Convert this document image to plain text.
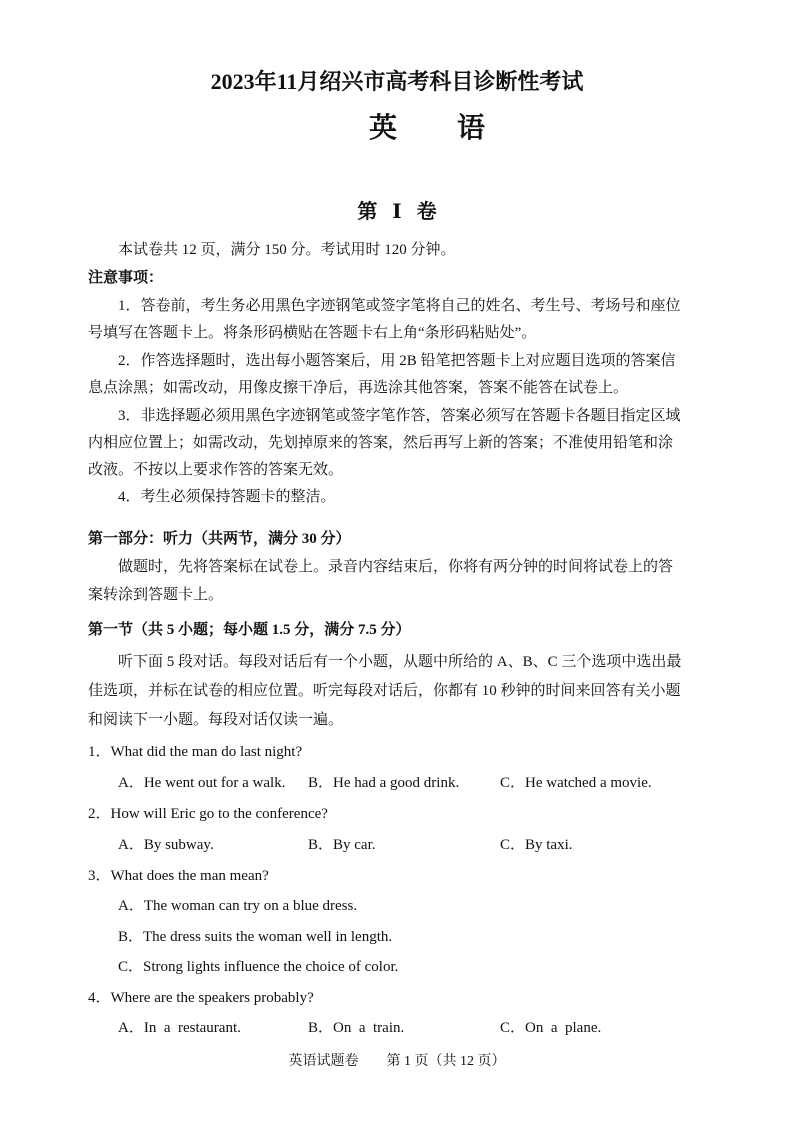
2023年11月绍兴市高考科目诊断性考试
英语
第 Ⅰ 卷
本试卷共 12 页，满分 150 分。考试用时 120 分钟。
注意事项：
1．答卷前，考生务必用黑色字迹钢笔或签字笔将自己的姓名、考生号、考场号和座位
号填写在答题卡上。将条形码横贴在答题卡右上角“条形码粘贴处”。
2．作答选择题时，选出每小题答案后，用 2B 铅笔把答题卡上对应题目选项的答案信
息点涂黑；如需改动，用像皮擦干净后，再选涂其他答案，答案不能答在试卷上。
3．非选择题必须用黑色字迹钢笔或签字笔作答，答案必须写在答题卡各题目指定区域
内相应位置上；如需改动，先划掉原来的答案，然后再写上新的答案；不准使用铅笔和涂
改液。不按以上要求作答的答案无效。
4．考生必须保持答题卡的整洁。
第一部分：听力（共两节，满分 30 分）
做题时，先将答案标在试卷上。录音内容结束后，你将有两分钟的时间将试卷上的答
案转涂到答题卡上。
第一节（共 5 小题；每小题 1.5 分，满分 7.5 分）
听下面 5 段对话。每段对话后有一个小题，从题中所给的 A、B、C 三个选项中选出最
佳选项，并标在试卷的相应位置。听完每段对话后，你都有 10 秒钟的时间来回答有关小题
和阅读下一小题。每段对话仅读一遍。
1．What did the man do last night?
A．He went out for a walk. B．He had a good drink.	C．He watched a movie.
2．How will Eric go to the conference?
A．By subway.	B．By car.	C．By taxi.
3．What does the man mean?
A．The woman can try on a blue dress.
B．The dress suits the woman well in length.
C．Strong lights influence the choice of color.
4．Where are the speakers probably?
A．In  a  restaurant.	B．On  a  train.	C．On  a  plane.
英语试题卷　　第 1 页（共 12 页）
